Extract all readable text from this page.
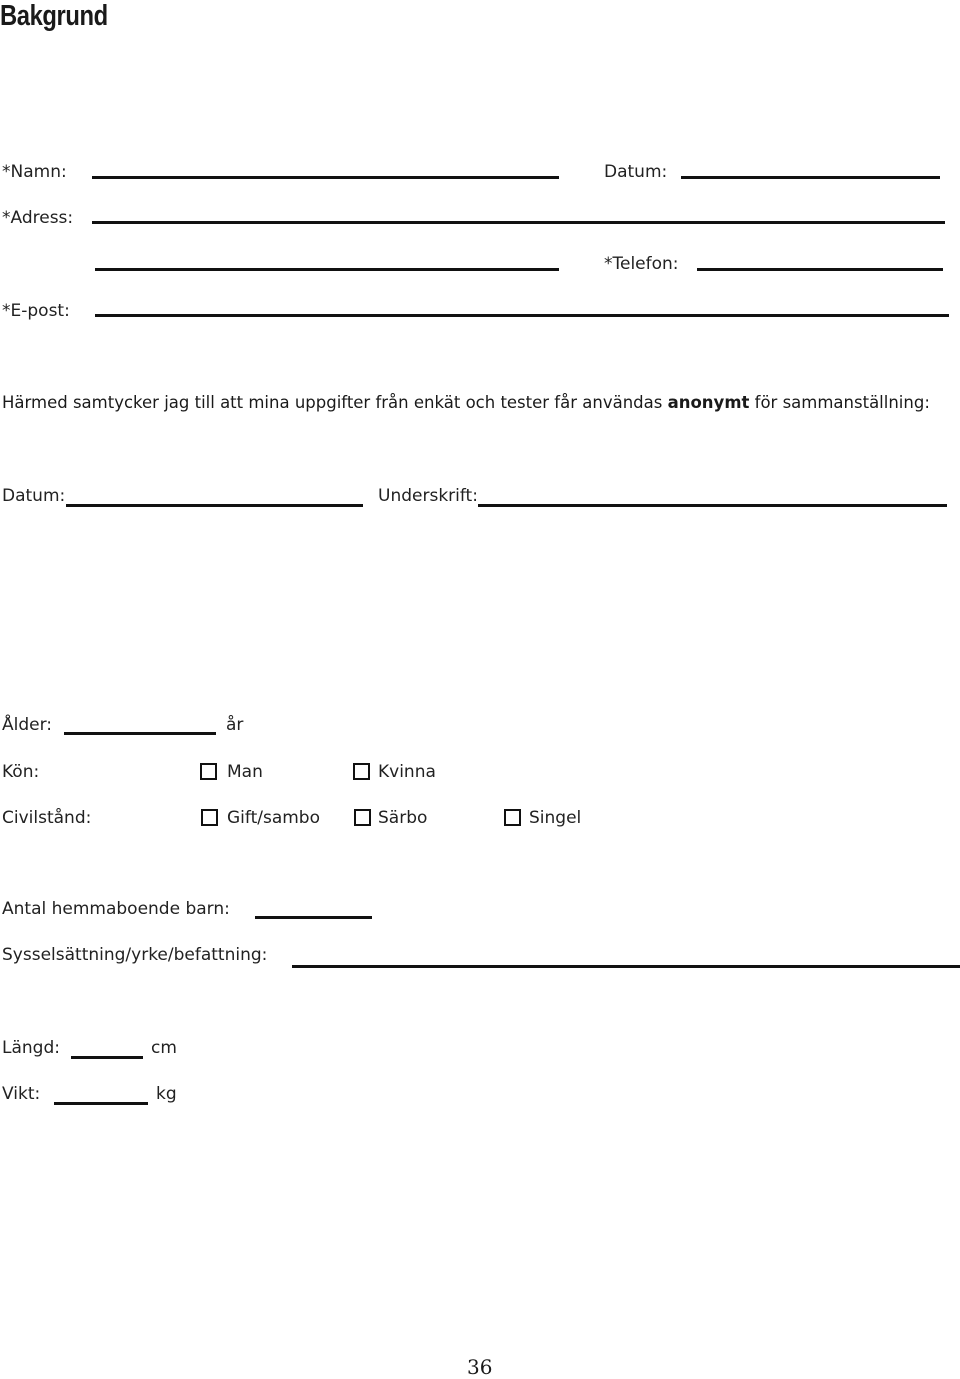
Bakgrund
*Namn:	Datum:
*Adress:
*Telefon:
*E-post:
Härmed samtycker jag till att mina uppgifter från enkät och tester får användas anonymt för sammanställning:
Datum:	Underskrift:
Ålder:	år
Kön:	Man	Kvinna
Civilstånd:	Gift/sambo	Särbo	Singel
Antal hemmaboende barn:
Sysselsättning/yrke/befattning:
Längd:	cm
Vikt:	kg
36
